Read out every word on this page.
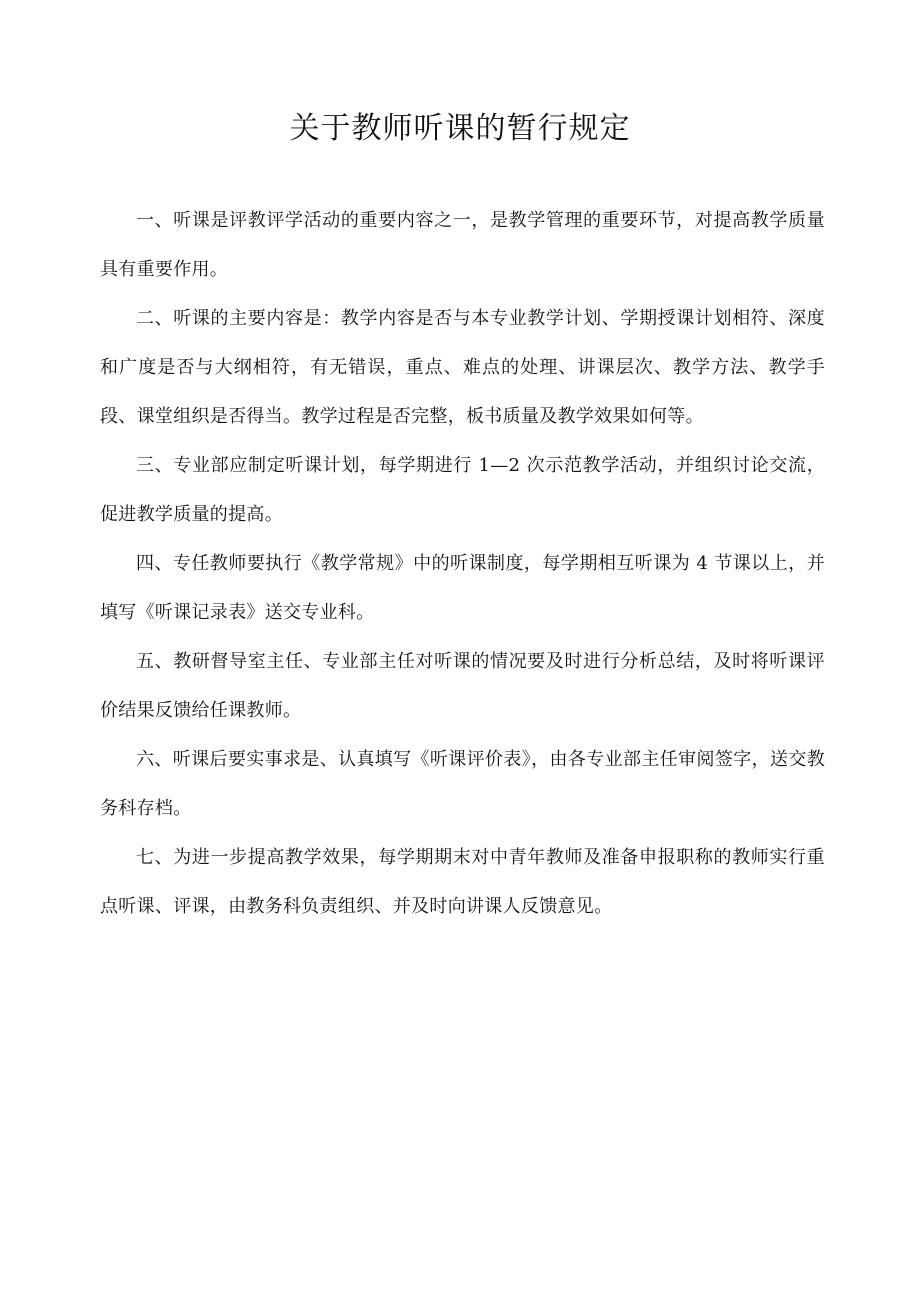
关于教师听课的暂行规定

一、听课是评教评学活动的重要内容之一，是教学管理的重要环节，对提高教学质量具有重要作用。

二、听课的主要内容是：教学内容是否与本专业教学计划、学期授课计划相符、深度和广度是否与大纲相符，有无错误，重点、难点的处理、讲课层次、教学方法、教学手段、课堂组织是否得当。教学过程是否完整，板书质量及教学效果如何等。

三、专业部应制定听课计划，每学期进行 1—2 次示范教学活动，并组织讨论交流，促进教学质量的提高。

四、专任教师要执行《教学常规》中的听课制度，每学期相互听课为 4 节课以上，并填写《听课记录表》送交专业科。

五、教研督导室主任、专业部主任对听课的情况要及时进行分析总结，及时将听课评价结果反馈给任课教师。

六、听课后要实事求是、认真填写《听课评价表》，由各专业部主任审阅签字，送交教务科存档。

七、为进一步提高教学效果，每学期期末对中青年教师及准备申报职称的教师实行重点听课、评课，由教务科负责组织、并及时向讲课人反馈意见。
